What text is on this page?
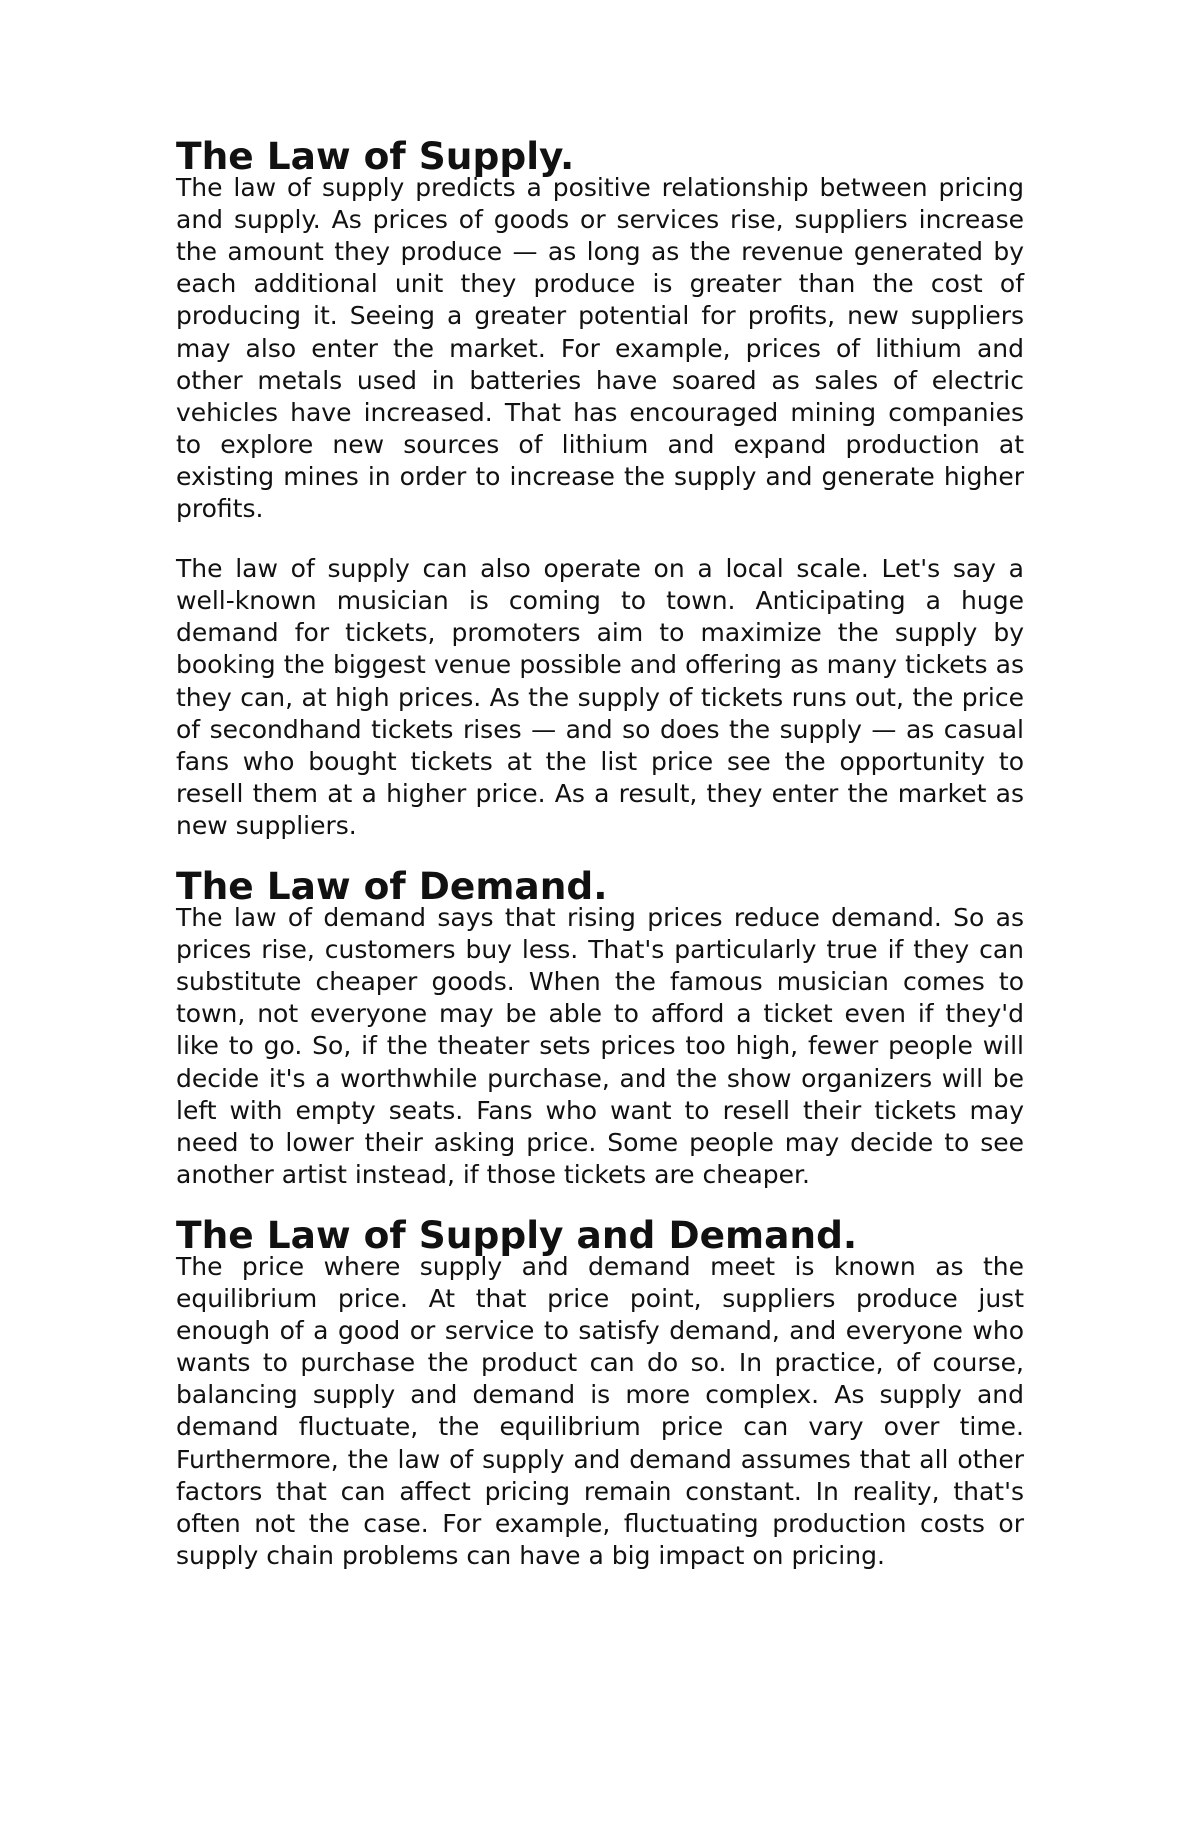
The Law of Supply.

The law of supply predicts a positive relationship between pricing and supply. As prices of goods or services rise, suppliers increase the amount they produce — as long as the revenue generated by each additional unit they produce is greater than the cost of producing it. Seeing a greater potential for profits, new suppliers may also enter the market. For example, prices of lithium and other metals used in batteries have soared as sales of electric vehicles have increased. That has encouraged mining companies to explore new sources of lithium and expand production at existing mines in order to increase the supply and generate higher profits.

The law of supply can also operate on a local scale. Let's say a well-known musician is coming to town. Anticipating a huge demand for tickets, promoters aim to maximize the supply by booking the biggest venue possible and offering as many tickets as they can, at high prices. As the supply of tickets runs out, the price of secondhand tickets rises — and so does the supply — as casual fans who bought tickets at the list price see the opportunity to resell them at a higher price. As a result, they enter the market as new suppliers.

The Law of Demand.

The law of demand says that rising prices reduce demand. So as prices rise, customers buy less. That's particularly true if they can substitute cheaper goods. When the famous musician comes to town, not everyone may be able to afford a ticket even if they'd like to go. So, if the theater sets prices too high, fewer people will decide it's a worthwhile purchase, and the show organizers will be left with empty seats. Fans who want to resell their tickets may need to lower their asking price. Some people may decide to see another artist instead, if those tickets are cheaper.

The Law of Supply and Demand.

The price where supply and demand meet is known as the equilibrium price. At that price point, suppliers produce just enough of a good or service to satisfy demand, and everyone who wants to purchase the product can do so. In practice, of course, balancing supply and demand is more complex. As supply and demand fluctuate, the equilibrium price can vary over time. Furthermore, the law of supply and demand assumes that all other factors that can affect pricing remain constant. In reality, that's often not the case. For example, fluctuating production costs or supply chain problems can have a big impact on pricing.
